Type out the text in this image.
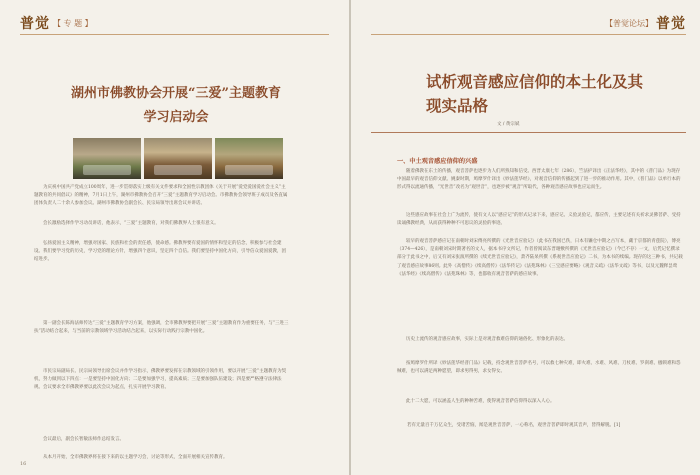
普觉 【 专 题 】
湖州市佛教协会开展“三爱”主题教育学习启动会

为庆祝中国共产党成立100周年，进一步贯彻落实上级有关文件要求和全国性宗教团体《关于开展“爱党爱国爱社会主义”主题教育的共同倡议》的精神，7月1日上午，湖州市佛教协会召开“三爱”主题教育学习启动会。市佛教协会领导班子成员及各直属团体负责人二十余人参加会议。湖州市佛教协会副会长、民宗局领导出席会议并讲话。

会长激励选择作学习动员讲话，他表示，“三爱”主题教育，对我们佛教界人士很有意义。

弘扬爱国主义精神，增强对国家、民族和社会的责任感，使命感。佛教界要有爱国的情怀和坚定的信念，积极参与社会建设。我们要学习党的历史，学习党的理论方针，增强四个意识，坚定四个自信。我们要坚持中国化方向，引导信众爱国爱教，团结进步。

第一副会长陈海法师传达“三爱”主题教育学习方案，他强调，全市佛教界要把开展“三爱”主题教育作为重要任务，与“三进三扶”活动结合起来，与当前的宗教领域学习活动结合起来，以实际行动践行宗教中国化。

市民宗局副局长、民宗局领导出席会议并作学习指示，佛教界要发挥在宗教领域的引领作用，要以开展“三爱”主题教育为契机，努力做到以下四点：一是要坚持中国化方向；二是要加强学习，提高素质；三是要加强队伍建设；四是要严格遵守法律法规。会议要求全市佛教界要以此次会议为起点，扎实开展学习教育。

会议最后，副会长智敏法师作总结发言。

从本月开始，全市佛教界将在接下来的以主题学习会，讨论等形式，全面开展相关宣传教育。

16
【普觉论坛】 普觉
试析观音感应信仰的本土化及其现实品格
文 / 黄宗斌
一、中土观音感应信仰的兴盛

随着佛教在东土的传播，观音菩萨也逐步为人们所熟知和信受。西晋太康七年（286），竺法护译出《正法华经》，其中的《普门品》为现存中国最早的观音信仰文献。姚秦时期，鸠摩罗什译出《妙法莲华经》，对观音信仰的传播起到了进一步的推动作用。其中，《普门品》以单行本的形式得以流通传播，“光世音”改名为“观世音”，也逐步被“观音”所取代，各种观音感应故事也应运而生。

这些感应故事在社会上广为流传，使有文人以“感应记”的形式记录下来，感应记、义验灵验记，都应传，主要记述有关祈求灵佛菩萨、受持读诵佛教经典，从而获得种种不可思议的灵验的事迹。

较早的观音菩萨感应记在南朝时刘宋傅亮所撰的《光世音应验记》（此书在我国已佚，日本有镰仓中期之古写本，藏于京都的青莲院），傅亮（374—426），是南朝刘宋时期著名的文人，据本书序文所记，作者曾阅读东晋谢敷所撰的《光世音应验记》（今已不存）一文，后凭记忆撰录部分于此书之中，后又有刘宋张演所撰的《续光世音应验记》，萧齐陆杲所撰《系观世音应验记》二书，为本书的续编。现存的这三种书，共记载了观音感应故事86则。此外《高僧传》《续高僧传》《法华传记》《法苑珠林》《三宝感应要略》《观音义疏》《法华文疏》等书，以及元魏释昙鸾《法华经》《续高僧传》《法苑珠林》等，也都收有观音菩萨的感应故事。

历史上流传的观音感应故事，实际上是对观音救难信仰的通俗化、形象化的表达。

按鸠摩罗什所译《妙法莲华经普门品》记载，持念观世音菩萨名号，可以救七种灾难，即火难、水难、风难、刀杖难、罗刹难、枷锁难和怨贼难，也可以满足两种愿望，即求男得男，求女得女。

此十二大愿，可以涵盖人生的种种苦难，使得观音菩萨信仰得以深入人心。

若有无量百千万亿众生，受诸苦恼，闻是观世音菩萨，一心称名，观世音菩萨即时观其音声，皆得解脱。[1]
